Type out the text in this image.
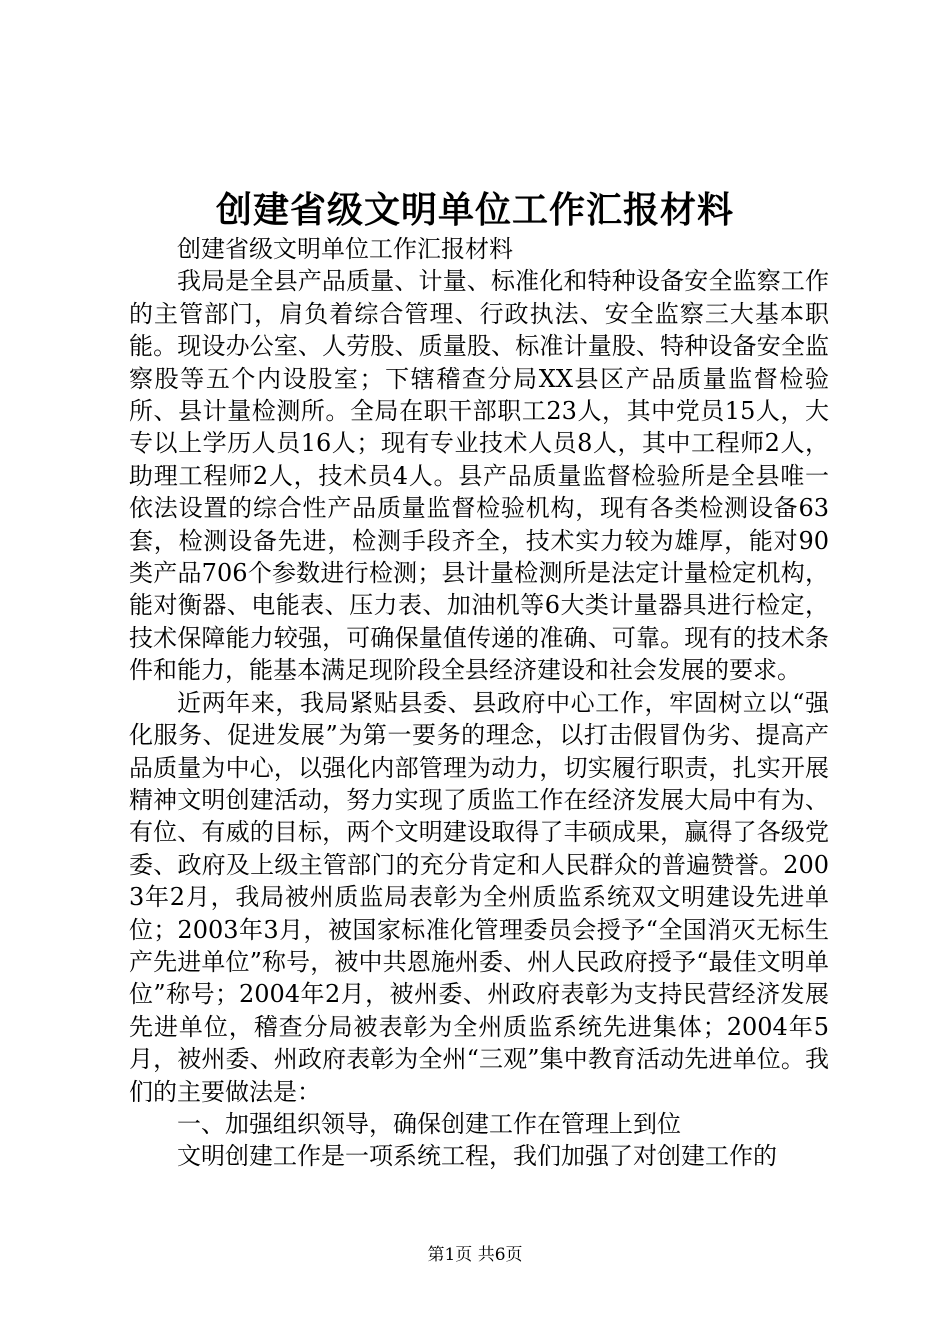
创建省级文明单位工作汇报材料

创建省级文明单位工作汇报材料

我局是全县产品质量、计量、标准化和特种设备安全监察工作的主管部门，肩负着综合管理、行政执法、安全监察三大基本职能。现设办公室、人劳股、质量股、标准计量股、特种设备安全监察股等五个内设股室；下辖稽查分局XX县区产品质量监督检验所、县计量检测所。全局在职干部职工23人，其中党员15人，大专以上学历人员16人；现有专业技术人员8人，其中工程师2人，助理工程师2人，技术员4人。县产品质量监督检验所是全县唯一依法设置的综合性产品质量监督检验机构，现有各类检测设备63套，检测设备先进，检测手段齐全，技术实力较为雄厚，能对90类产品706个参数进行检测；县计量检测所是法定计量检定机构，能对衡器、电能表、压力表、加油机等6大类计量器具进行检定，技术保障能力较强，可确保量值传递的准确、可靠。现有的技术条件和能力，能基本满足现阶段全县经济建设和社会发展的要求。

近两年来，我局紧贴县委、县政府中心工作，牢固树立以“强化服务、促进发展”为第一要务的理念，以打击假冒伪劣、提高产品质量为中心，以强化内部管理为动力，切实履行职责，扎实开展精神文明创建活动，努力实现了质监工作在经济发展大局中有为、有位、有威的目标，两个文明建设取得了丰硕成果，赢得了各级党委、政府及上级主管部门的充分肯定和人民群众的普遍赞誉。2003年2月，我局被州质监局表彰为全州质监系统双文明建设先进单位；2003年3月，被国家标准化管理委员会授予“全国消灭无标生产先进单位”称号，被中共恩施州委、州人民政府授予“最佳文明单位”称号；2004年2月，被州委、州政府表彰为支持民营经济发展先进单位，稽查分局被表彰为全州质监系统先进集体；2004年5月，被州委、州政府表彰为全州“三观”集中教育活动先进单位。我们的主要做法是：

一、加强组织领导，确保创建工作在管理上到位

文明创建工作是一项系统工程，我们加强了对创建工作的

第1页 共6页
